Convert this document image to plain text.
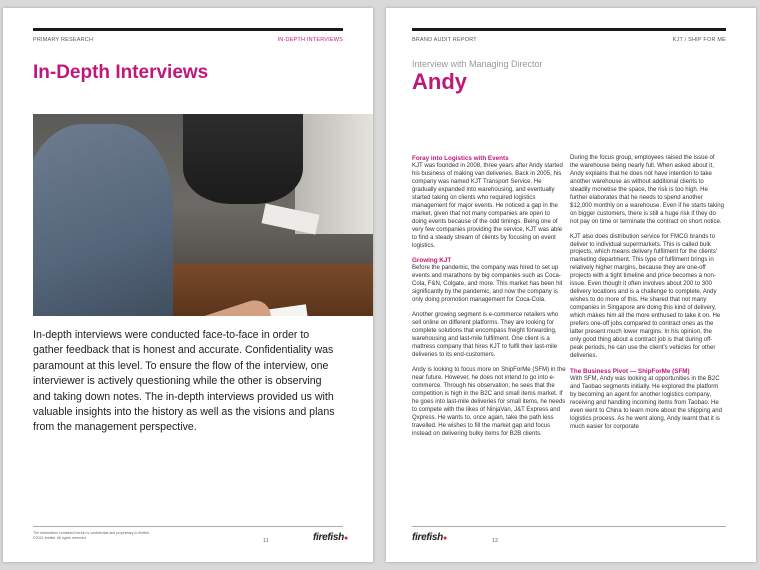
PRIMARY RESEARCH	IN-DEPTH INTERVIEWS
In-Depth Interviews

In-depth interviews were conducted face-to-face in order to gather feedback that is honest and accurate. Confidentiality was paramount at this level. To ensure the flow of the interview, one interviewer is actively questioning while the other is observing and taking down notes. The in-depth interviews provided us with valuable insights into the history as well as the visions and plans from the management perspective.

The information contained herein is confidential and proprietary to firefish.
©2021 firefish. All rights reserved	11	firefish●
BRAND AUDIT REPORT	KJT / SHIP FOR ME

Interview with Managing Director

Andy
Foray into Logistics with Events

KJT was founded in 2008, three years after Andy started his business of making van deliveries. Back in 2005, his company was named KJT Transport Service. He gradually expanded into warehousing, and eventually started taking on clients who required logistics management for major events. He noticed a gap in the market, given that not many companies are open to doing events because of the odd timings. Being one of very few companies providing the service, KJT was able to find a steady stream of clients by focusing on event logistics.

Growing KJT

Before the pandemic, the company was hired to set up events and marathons by big companies such as Coca-Cola, F&N, Colgate, and more. This market has been hit significantly by the pandemic, and now the company is only doing promotion management for Coca-Cola.

Another growing segment is e-commerce retailers who sell online on different platforms. They are looking for complete solutions that encompass freight forwarding, warehousing and last-mile fulfilment. One client is a mattress company that hires KJT to fulfil their last-mile deliveries to its end-customers.

Andy is looking to focus more on ShipForMe (SFM) in the near future. However, he does not intend to go into e-commerce. Through his observation, he sees that the competition is high in the B2C and small items market. If he goes into last-mile deliveries for small items, he needs to compete with the likes of NinjaVan, J&T Express and Qxpress. He wants to, once again, take the path less travelled. He wishes to fill the market gap and focus instead on delivering bulky items for B2B clients.

During the focus group, employees raised the issue of the warehouse being nearly full. When asked about it, Andy explains that he does not have intention to take another warehouse as without additional clients to steadily monetise the space, the risk is too high. He further elaborates that he needs to spend another $12,000 monthly on a warehouse. Even if he starts taking on bigger customers, there is still a huge risk if they do not pay on time or terminate the contract on short notice.

KJT also does distribution service for FMCG brands to deliver to individual supermarkets. This is called bulk projects, which means delivery fulfilment for the clients' marketing department. This type of fulfilment brings in relatively higher margins, because they are one-off projects with a tight timeline and price becomes a non-issue. Even though it often involves about 200 to 300 delivery locations and is a challenge to complete, Andy wishes to do more of this. He shared that not many companies in Singapore are doing this kind of delivery, which makes him all the more enthused to take it on. He prefers one-off jobs compared to contract ones as the latter present much lower margins. In his opinion, the only good thing about a contract job is that during off-peak periods, he can use the client's vehicles for other deliveries.

The Business Pivot — ShipForMe (SFM)

With SFM, Andy was looking at opportunities in the B2C and Taobao segments initially. He explored the platform by becoming an agent for another logistics company, receiving and handling incoming items from Taobao. He even went to China to learn more about the shipping and logistics process. As he went along, Andy learnt that it is much easier for corporate

firefish●	12
